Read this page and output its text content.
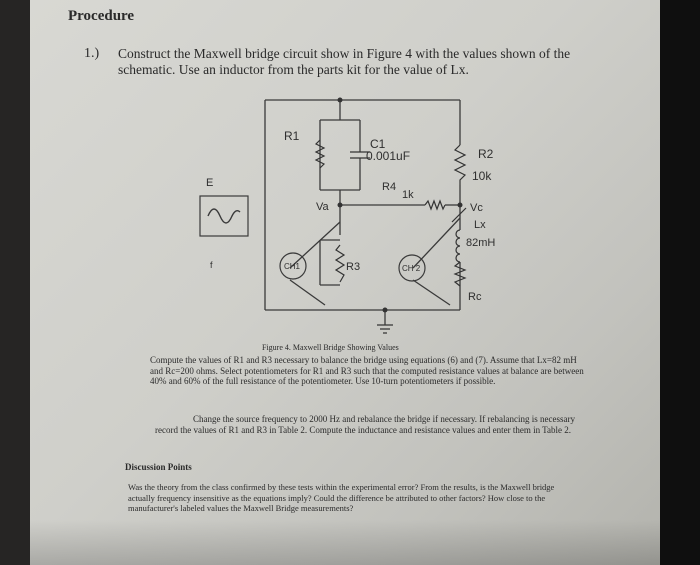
Procedure
1.) Construct the Maxwell bridge circuit show in Figure 4 with the values shown of the schematic. Use an inductor from the parts kit for the value of Lx.
R1
C1
0.001uF	R2
10k
R4
1k
Va	Vc
Lx
82mH
R3
E
f	CH1	CH 2
Rc
Figure 4. Maxwell Bridge Showing Values
Compute the values of R1 and R3 necessary to balance the bridge using equations (6) and (7). Assume that Lx=82 mH and Rc=200 ohms. Select potentiometers for R1 and R3 such that the computed resistance values at balance are between 40% and 60% of the full resistance of the potentiometer. Use 10-turn potentiometers if possible.
Change the source frequency to 2000 Hz and rebalance the bridge if necessary. If rebalancing is necessary record the values of R1 and R3 in Table 2. Compute the inductance and resistance values and enter them in Table 2.
Discussion Points
Was the theory from the class confirmed by these tests within the experimental error? From the results, is the Maxwell bridge actually frequency insensitive as the equations imply? Could the difference be attributed to other factors? How close to the manufacturer's labeled values the Maxwell Bridge measurements?
